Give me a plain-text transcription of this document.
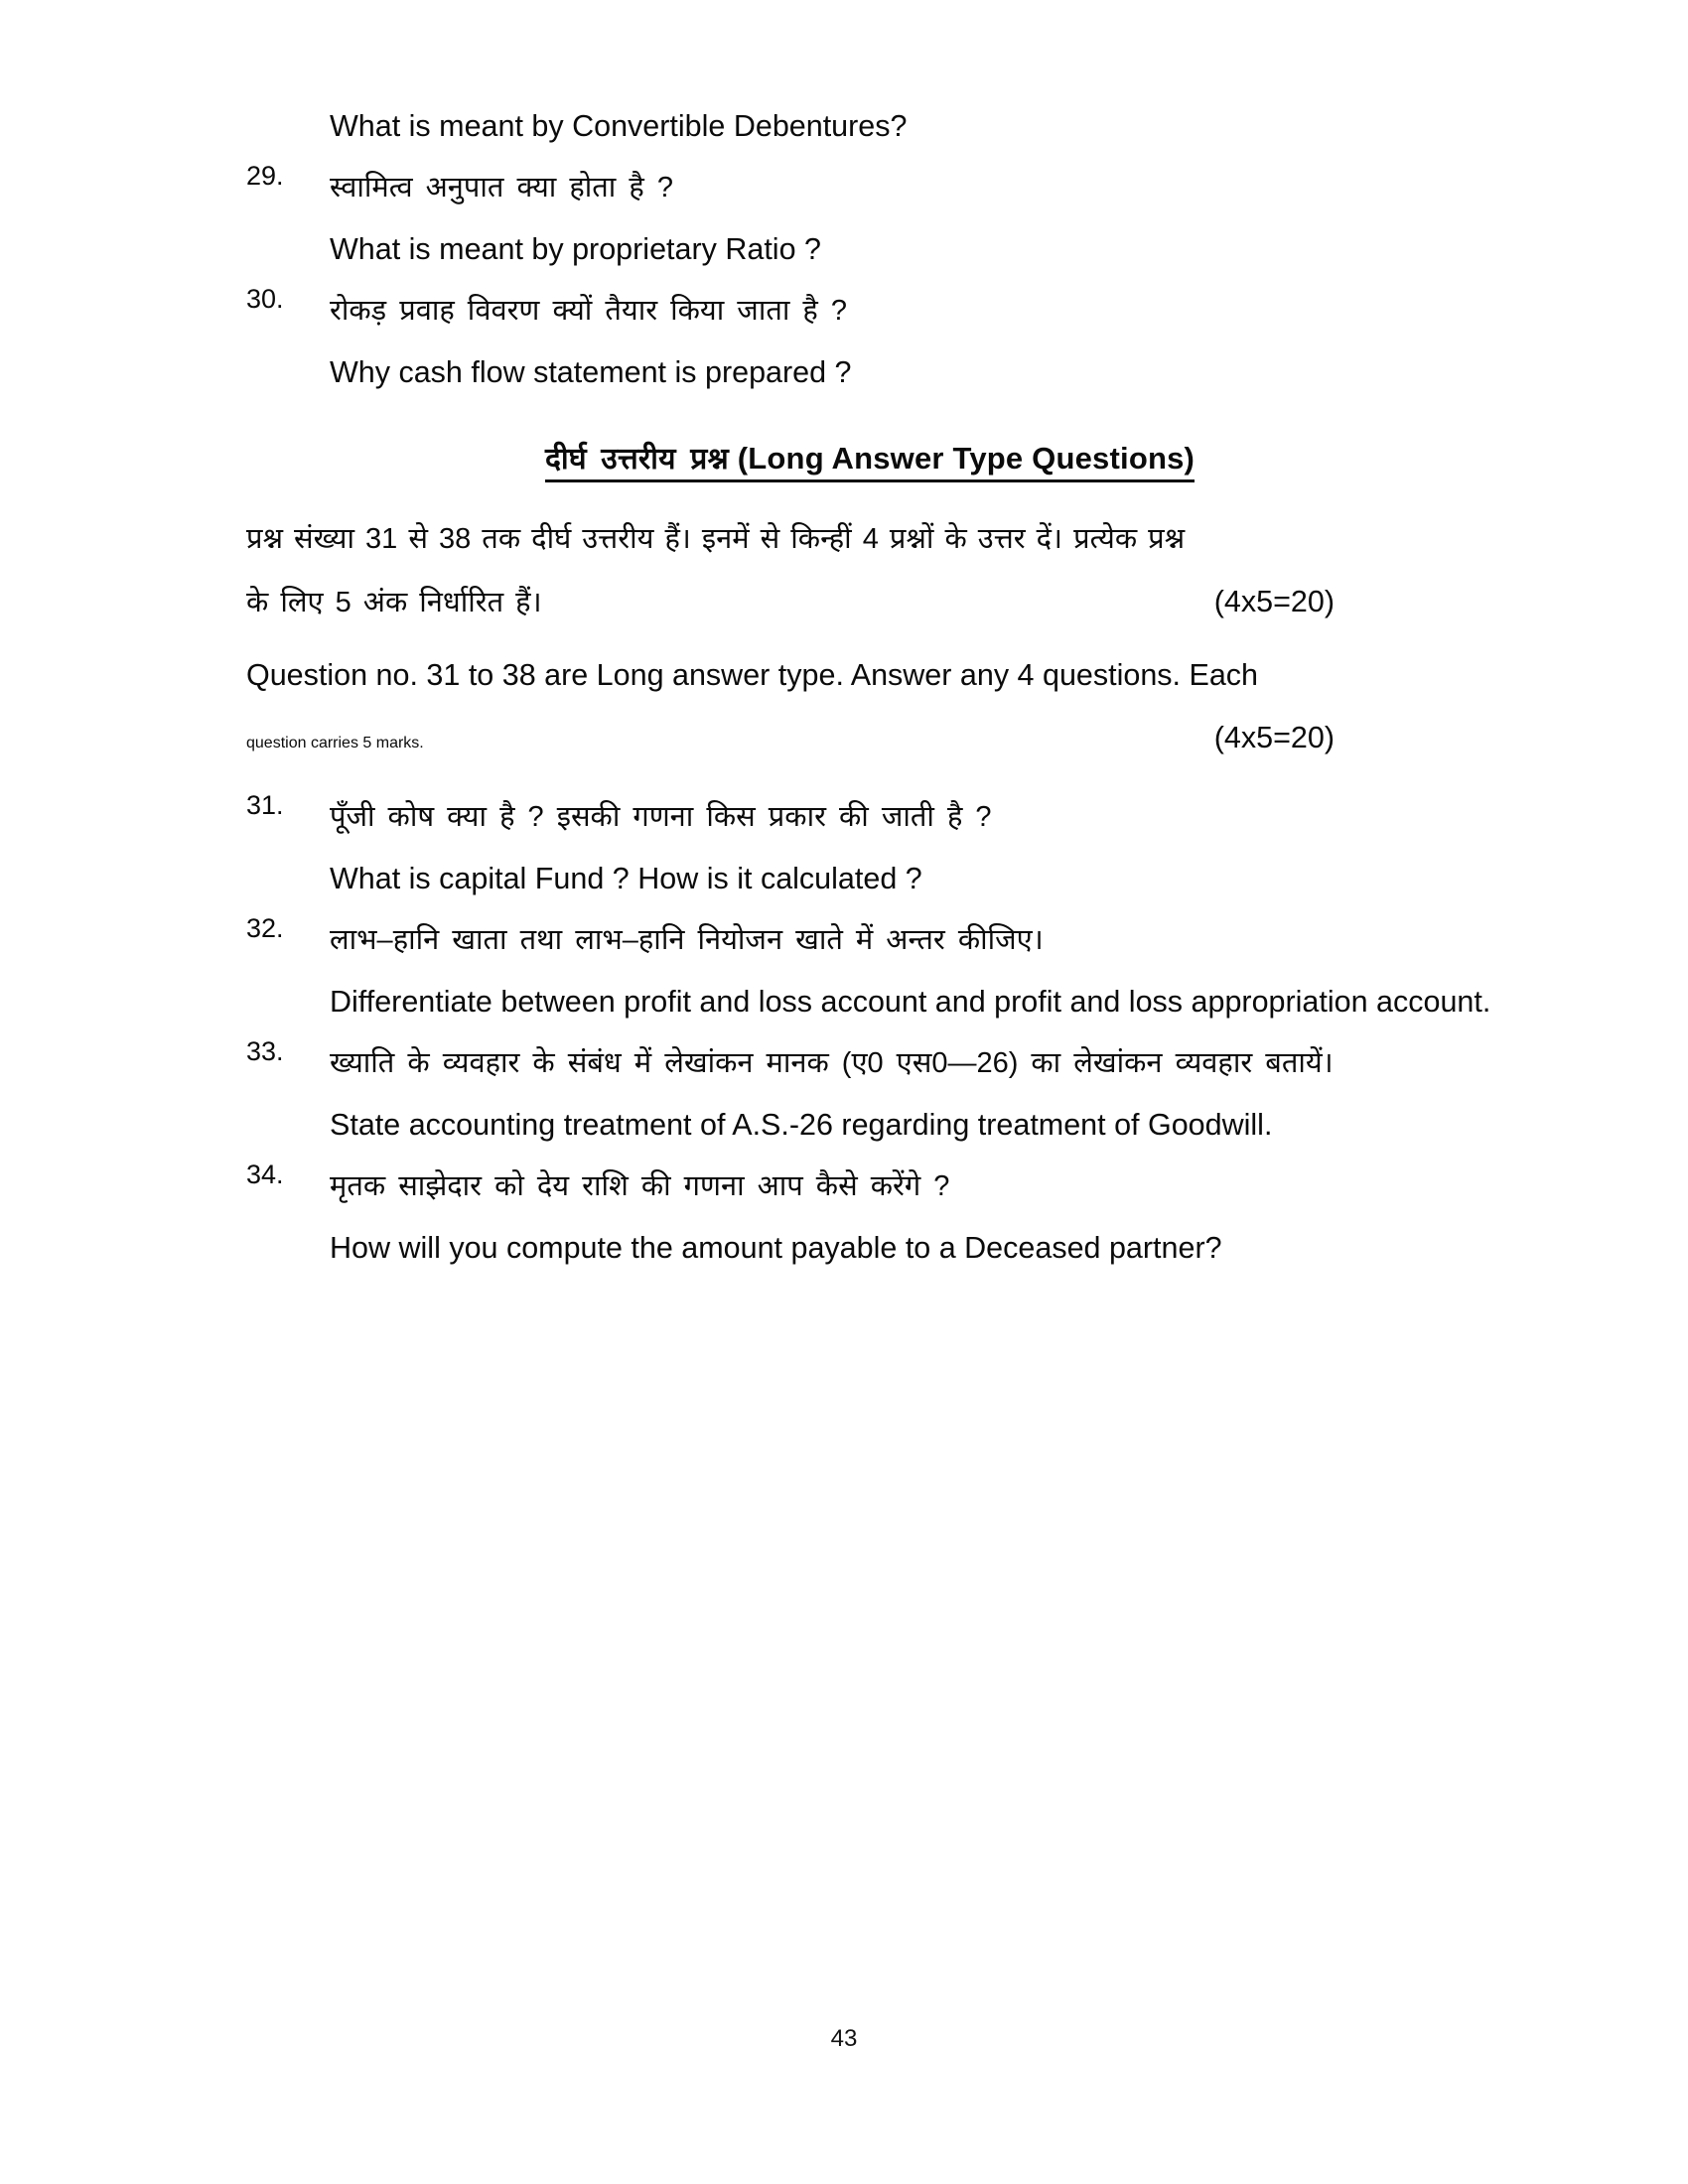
What is meant by Convertible Debentures?
29.	स्वामित्व अनुपात क्या होता है ?
What is meant by proprietary Ratio ?
30.	रोकड़ प्रवाह विवरण क्यों तैयार किया जाता है ?
Why cash flow statement is prepared ?
दीर्घ उत्तरीय प्रश्न (Long Answer Type Questions)

प्रश्न संख्या 31 से 38 तक दीर्घ उत्तरीय हैं। इनमें से किन्हीं 4 प्रश्नों के उत्तर दें। प्रत्येक प्रश्न

के लिए 5 अंक निर्धारित हैं।	(4x5=20)

Question no. 31 to 38 are Long answer type. Answer any 4 questions. Each

question carries 5 marks.	(4x5=20)
31.	पूँजी कोष क्या है ? इसकी गणना किस प्रकार की जाती है ?
What is capital Fund ? How is it calculated ?
32.	लाभ–हानि खाता तथा लाभ–हानि नियोजन खाते में अन्तर कीजिए।
Differentiate between profit and loss account and profit and loss appropriation account.
33.	ख्याति के व्यवहार के संबंध में लेखांकन मानक (ए0 एस0—26) का लेखांकन व्यवहार बतायें।
State accounting treatment of A.S.-26 regarding treatment of Goodwill.
34.	मृतक साझेदार को देय राशि की गणना आप कैसे करेंगे ?
How will you compute the amount payable to a Deceased partner?
43
